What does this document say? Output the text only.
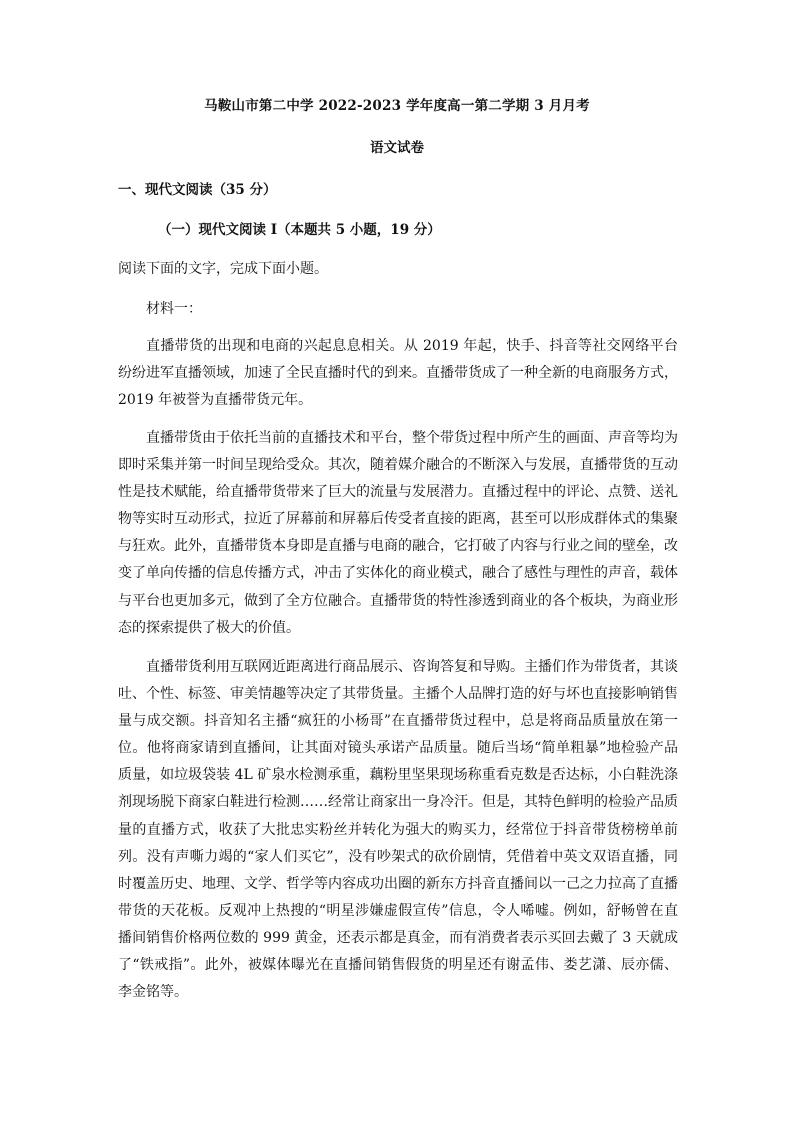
马鞍山市第二中学 2022-2023 学年度高一第二学期 3 月月考
语文试卷
一、现代文阅读（35 分）
（一）现代文阅读 I（本题共 5 小题，19 分）
阅读下面的文字，完成下面小题。
材料一：

直播带货的出现和电商的兴起息息相关。从 2019 年起，快手、抖音等社交网络平台纷纷进军直播领域，加速了全民直播时代的到来。直播带货成了一种全新的电商服务方式，2019 年被誉为直播带货元年。

直播带货由于依托当前的直播技术和平台，整个带货过程中所产生的画面、声音等均为即时采集并第一时间呈现给受众。其次，随着媒介融合的不断深入与发展，直播带货的互动性是技术赋能，给直播带货带来了巨大的流量与发展潜力。直播过程中的评论、点赞、送礼物等实时互动形式，拉近了屏幕前和屏幕后传受者直接的距离，甚至可以形成群体式的集聚与狂欢。此外，直播带货本身即是直播与电商的融合，它打破了内容与行业之间的壁垒，改变了单向传播的信息传播方式，冲击了实体化的商业模式，融合了感性与理性的声音，载体与平台也更加多元，做到了全方位融合。直播带货的特性渗透到商业的各个板块，为商业形态的探索提供了极大的价值。

直播带货利用互联网近距离进行商品展示、咨询答复和导购。主播们作为带货者，其谈吐、个性、标签、审美情趣等决定了其带货量。主播个人品牌打造的好与坏也直接影响销售量与成交额。抖音知名主播“疯狂的小杨哥”在直播带货过程中，总是将商品质量放在第一位。他将商家请到直播间，让其面对镜头承诺产品质量。随后当场“简单粗暴”地检验产品质量，如垃圾袋装 4L 矿泉水检测承重，藕粉里坚果现场称重看克数是否达标，小白鞋洗涤剂现场脱下商家白鞋进行检测……经常让商家出一身冷汗。但是，其特色鲜明的检验产品质量的直播方式，收获了大批忠实粉丝并转化为强大的购买力，经常位于抖音带货榜榜单前列。没有声嘶力竭的“家人们买它”，没有吵架式的砍价剧情，凭借着中英文双语直播，同时覆盖历史、地理、文学、哲学等内容成功出圈的新东方抖音直播间以一己之力拉高了直播带货的天花板。反观冲上热搜的“明星涉嫌虚假宣传”信息，令人唏嘘。例如，舒畅曾在直播间销售价格两位数的 999 黄金，还表示都是真金，而有消费者表示买回去戴了 3 天就成了“铁戒指”。此外，被媒体曝光在直播间销售假货的明星还有谢孟伟、娄艺潇、辰亦儒、李金铭等。
